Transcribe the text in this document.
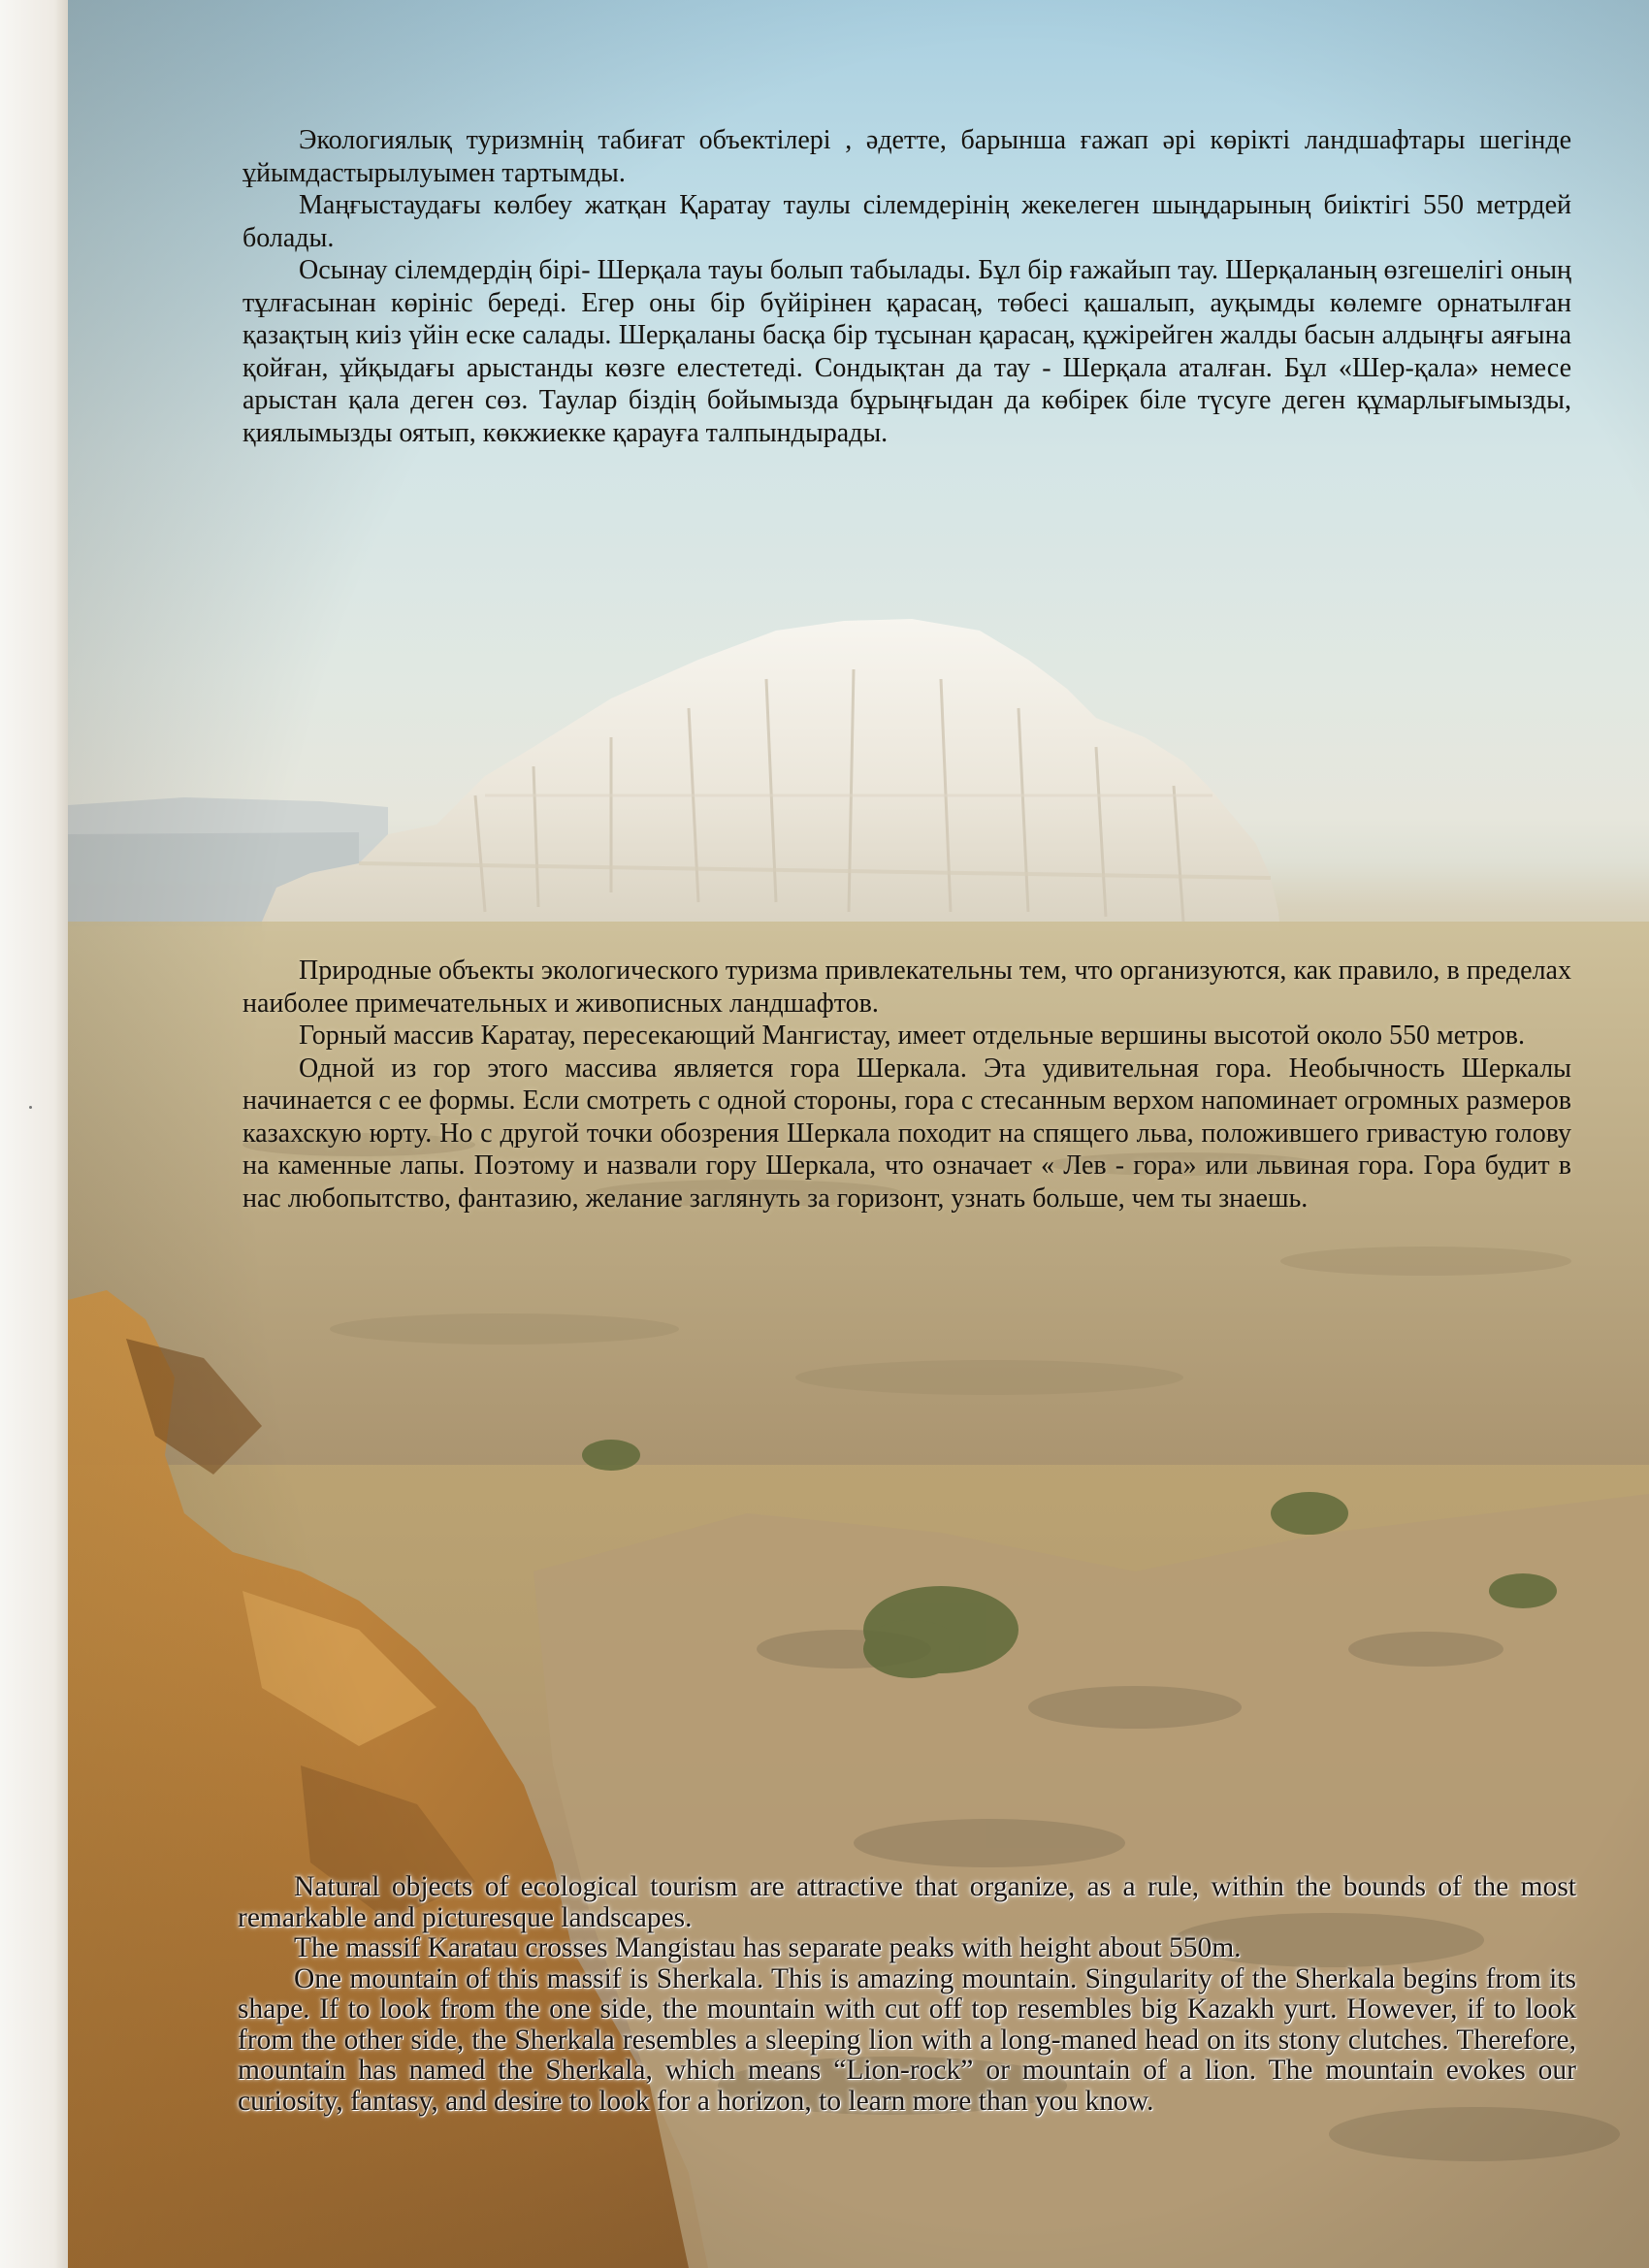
Экологиялық туризмнің табиғат объектілері , әдетте, барынша ғажап әрі көрікті ландшафтары шегінде ұйымдастырылуымен тартымды.

Маңғыстаудағы көлбеу жатқан Қаратау таулы сілемдерінің жекелеген шыңдарының биіктігі 550 метрдей болады.

Осынау сілемдердің бірі- Шерқала тауы болып табылады. Бұл бір ғажайып тау. Шерқаланың өзгешелігі оның тұлғасынан көрініс береді. Егер оны бір бүйірінен қарасаң, төбесі қашалып, ауқымды көлемге орнатылған қазақтың киіз үйін еске салады. Шерқаланы басқа бір тұсынан қарасаң, құжірейген жалды басын алдыңғы аяғына қойған, ұйқыдағы арыстанды көзге елестетеді. Сондықтан да тау - Шерқала аталған. Бұл «Шер-қала» немесе арыстан қала деген сөз. Таулар біздің бойымызда бұрыңғыдан да көбірек біле түсуге деген құмарлығымызды, қиялымызды оятып, көкжиекке қарауға талпындырады.

Природные объекты экологического туризма привлекательны тем, что организуются, как правило, в пределах наиболее примечательных и живописных ландшафтов.

Горный массив Каратау, пересекающий Мангистау, имеет отдельные вершины высотой около 550 метров.

Одной из гор этого массива является гора Шеркала. Эта удивительная гора. Необычность Шеркалы начинается с ее формы. Если смотреть с одной стороны, гора с стесанным верхом напоминает огромных размеров казахскую юрту. Но с другой точки обозрения Шеркала походит на спящего льва, положившего гривастую голову на каменные лапы. Поэтому и назвали гору Шеркала, что означает « Лев - гора» или львиная гора. Гора будит в нас любопытство, фантазию, желание заглянуть за горизонт, узнать больше, чем ты знаешь.

Natural objects of ecological tourism are attractive that organize, as a rule, within the bounds of the most remarkable and picturesque landscapes.

The massif Karatau crosses Mangistau has separate peaks with height about 550m.

One mountain of this massif is Sherkala. This is amazing mountain. Singularity of the Sherkala begins from its shape. If to look from the one side, the mountain with cut off top resembles big Kazakh yurt. However, if to look from the other side, the Sherkala resembles a sleeping lion with a long-maned head on its stony clutches. Therefore, mountain has named the Sherkala, which means “Lion-rock” or mountain of a lion. The mountain evokes our curiosity, fantasy, and desire to look for a horizon, to learn more than you know.
